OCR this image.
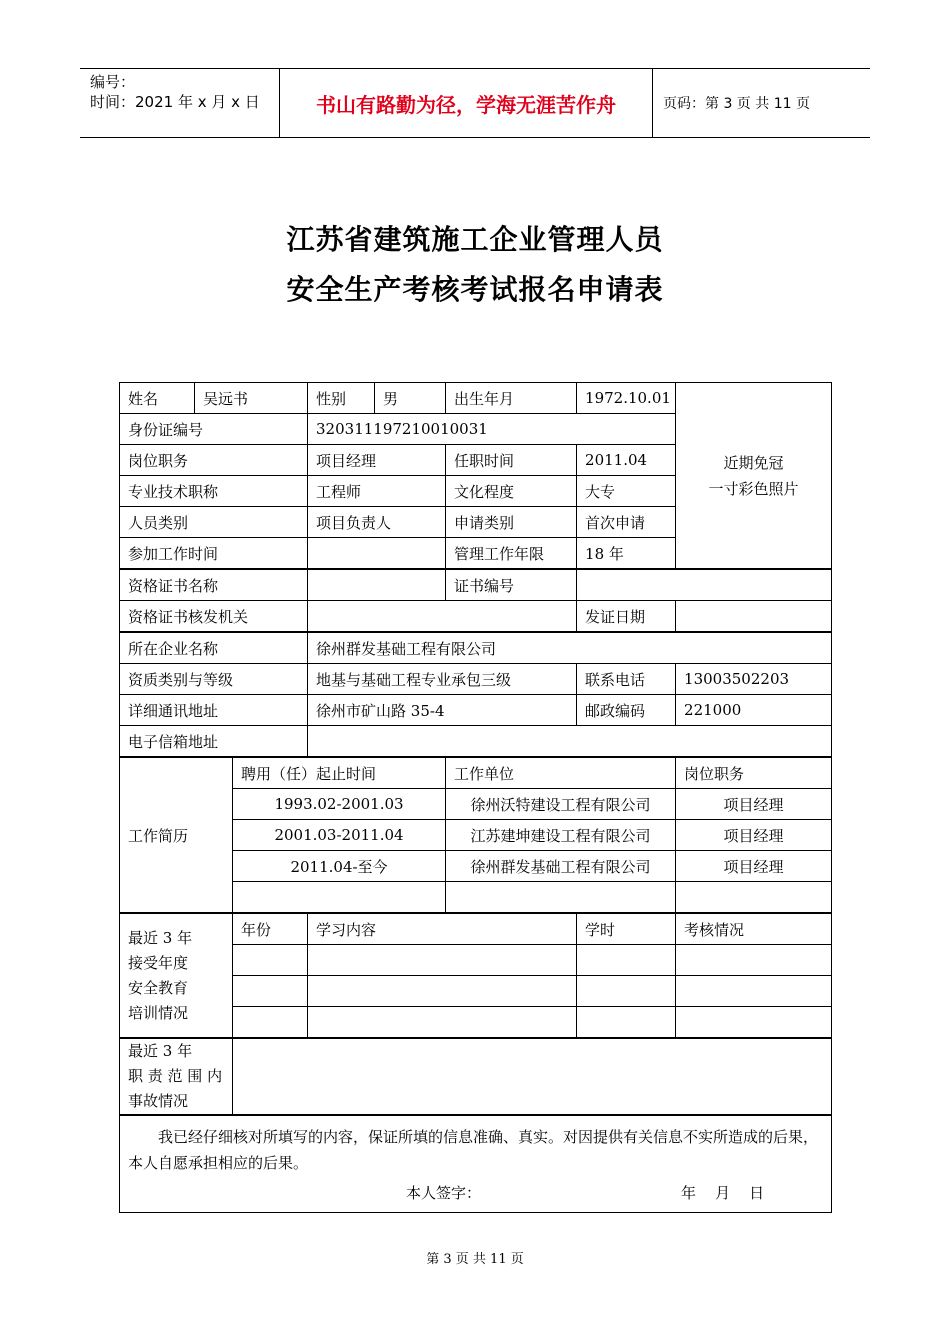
编号：
时间：2021 年 x 月 x 日	书山有路勤为径，学海无涯苦作舟	页码：第 3 页 共 11 页
江苏省建筑施工企业管理人员
安全生产考核考试报名申请表
姓名	吴远书		性别	男	出生年月	1972.10.01	近期免冠
一寸彩色照片
身份证编号			320311197210010031				
岗位职务			项目经理		任职时间	2011.04	
专业技术职称			工程师		文化程度	大专	
人员类别			项目负责人		申请类别	首次申请	
参加工作时间					管理工作年限	18 年	
资格证书名称					证书编号		
资格证书核发机关						发证日期	
所在企业名称			徐州群发基础工程有限公司				
资质类别与等级			地基与基础工程专业承包三级			联系电话	13003502203
详细通讯地址			徐州市矿山路 35-4			邮政编码	221000
电子信箱地址							
工作简历		聘用（任）起止时间			工作单位		岗位职务
		1993.02-2001.03			徐州沃特建设工程有限公司		项目经理
		2001.03-2011.04			江苏建坤建设工程有限公司		项目经理
		2011.04-至今			徐州群发基础工程有限公司		项目经理

最近 3 年
接受年度
安全教育
培训情况		年份	学习内容			学时	考核情况

最近 3 年
职 责 范 围 内
事故情况							

我已经仔细核对所填写的内容，保证所填的信息准确、真实。对因提供有关信息不实所造成的后果，本人自愿承担相应的后果。

本人签字： 年    月    日							
第 3 页 共 11 页
